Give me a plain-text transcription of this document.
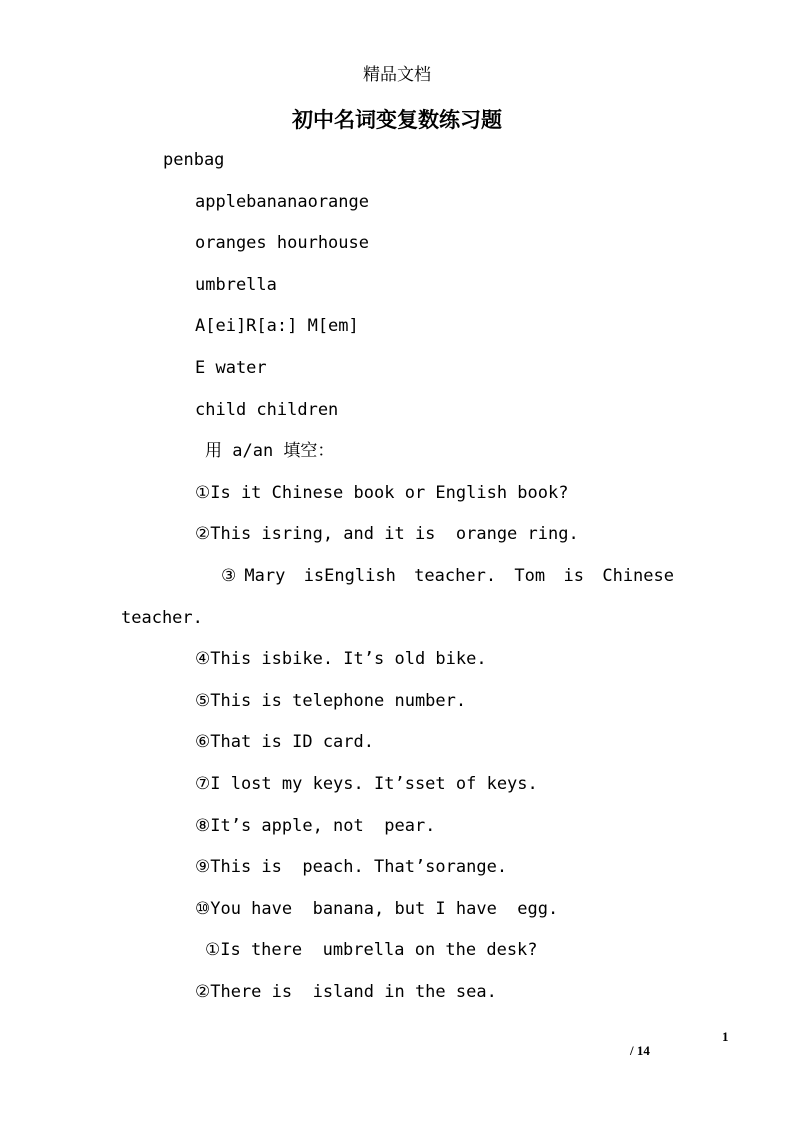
精品文档
初中名词变复数练习题
penbag
applebananaorange
oranges hourhouse
umbrella
A[ei]R[a:] M[em]
E water
child children
用 a/an 填空：
①Is it Chinese book or English book?
②This isring, and it is  orange ring.
③Mary isEnglish teacher. Tom is Chinese
teacher.
④This isbike. It’s old bike.
⑤This is telephone number.
⑥That is ID card.
⑦I lost my keys. It’sset of keys.
⑧It’s apple, not  pear.
⑨This is  peach. That’sorange.
⑩You have  banana, but I have  egg.
①Is there  umbrella on the desk?
②There is  island in the sea.
1
/ 14
